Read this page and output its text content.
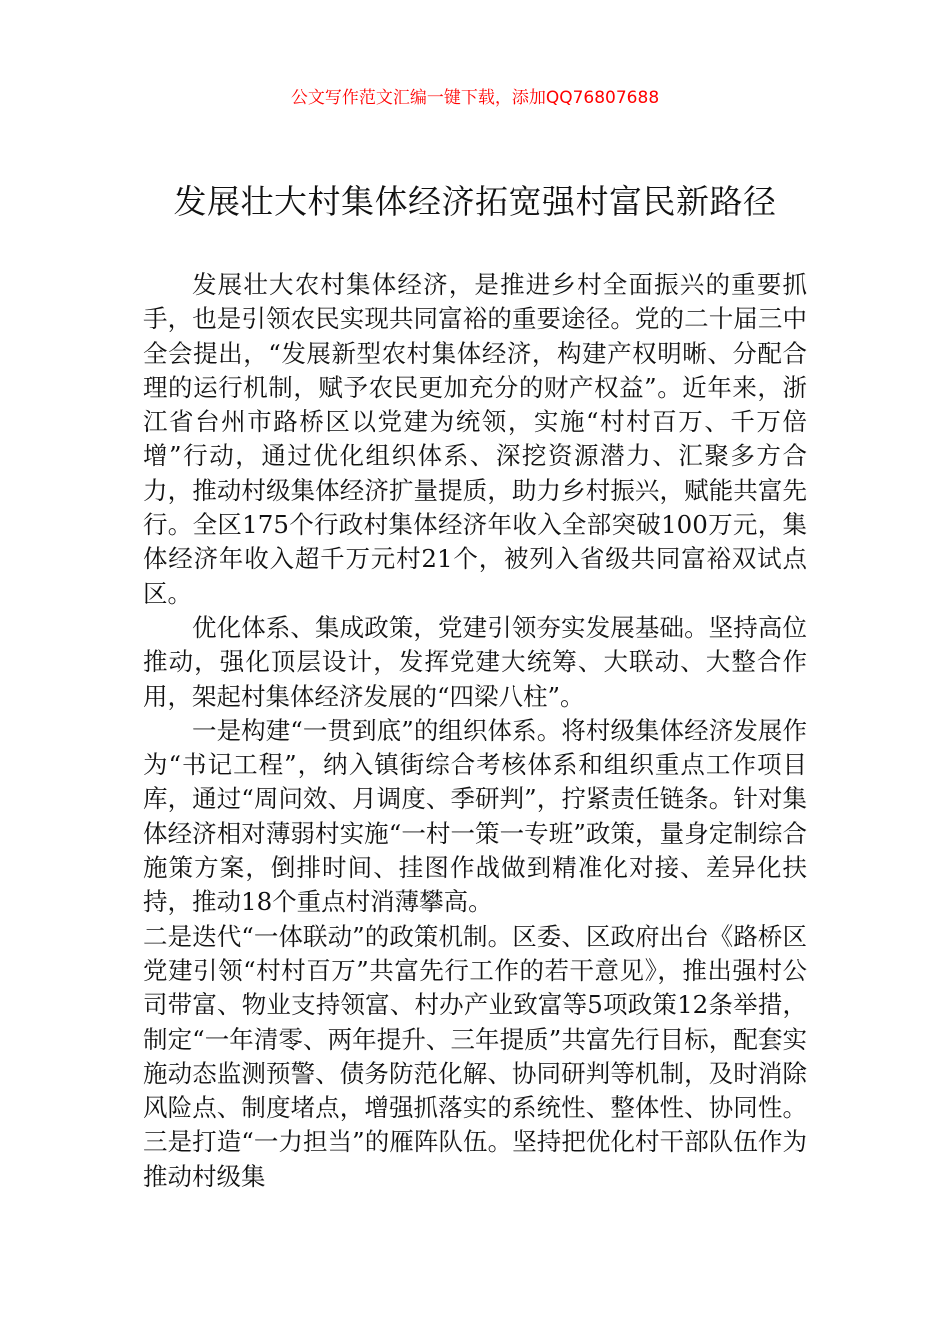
公文写作范文汇编一键下载，添加QQ76807688
发展壮大村集体经济拓宽强村富民新路径

发展壮大农村集体经济，是推进乡村全面振兴的重要抓手，也是引领农民实现共同富裕的重要途径。党的二十届三中全会提出，“发展新型农村集体经济，构建产权明晰、分配合理的运行机制，赋予农民更加充分的财产权益”。近年来，浙江省台州市路桥区以党建为统领，实施“村村百万、千万倍增”行动，通过优化组织体系、深挖资源潜力、汇聚多方合力，推动村级集体经济扩量提质，助力乡村振兴，赋能共富先行。全区175个行政村集体经济年收入全部突破100万元，集体经济年收入超千万元村21个，被列入省级共同富裕双试点区。

优化体系、集成政策，党建引领夯实发展基础。坚持高位推动，强化顶层设计，发挥党建大统筹、大联动、大整合作用，架起村集体经济发展的“四梁八柱”。

一是构建“一贯到底”的组织体系。将村级集体经济发展作为“书记工程”，纳入镇街综合考核体系和组织重点工作项目库，通过“周问效、月调度、季研判”，拧紧责任链条。针对集体经济相对薄弱村实施“一村一策一专班”政策，量身定制综合施策方案，倒排时间、挂图作战做到精准化对接、差异化扶持，推动18个重点村消薄攀高。

二是迭代“一体联动”的政策机制。区委、区政府出台《路桥区党建引领“村村百万”共富先行工作的若干意见》，推出强村公司带富、物业支持领富、村办产业致富等5项政策12条举措，制定“一年清零、两年提升、三年提质”共富先行目标，配套实施动态监测预警、债务防范化解、协同研判等机制，及时消除风险点、制度堵点，增强抓落实的系统性、整体性、协同性。三是打造“一力担当”的雁阵队伍。坚持把优化村干部队伍作为推动村级集
